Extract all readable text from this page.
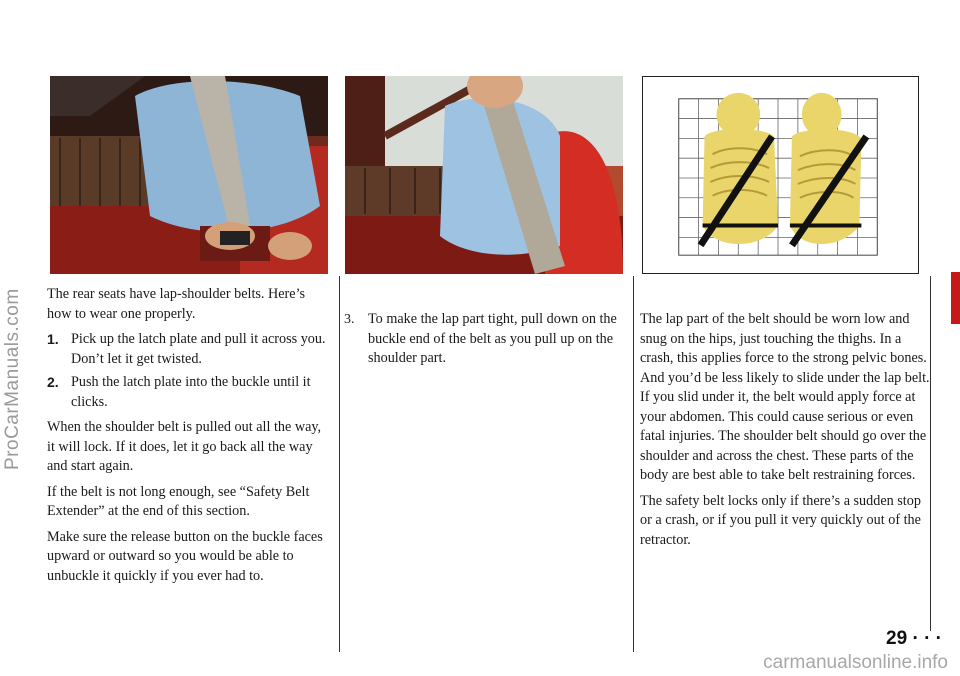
ProCarManuals.com The rear seats have lap-shoulder belts. Here’s how to wear one properly.

1. Pick up the latch plate and pull it across you. Don’t let it get twisted.
2. Push the latch plate into the buckle until it clicks.

When the shoulder belt is pulled out all the way, it will lock. If it does, let it go back all the way and start again.

If the belt is not long enough, see “Safety Belt Extender” at the end of this section.

Make sure the release button on the buckle faces upward or outward so you would be able to unbuckle it quickly if you ever had to.

3. To make the lap part tight, pull down on the buckle end of the belt as you pull up on the shoulder part.

The lap part of the belt should be worn low and snug on the hips, just touching the thighs. In a crash, this applies force to the strong pelvic bones. And you’d be less likely to slide under the lap belt. If you slid under it, the belt would apply force at your abdomen. This could cause serious or even fatal injuries. The shoulder belt should go over the shoulder and across the chest. These parts of the body are best able to take belt restraining forces.

The safety belt locks only if there’s a sudden stop or a crash, or if you pull it very quickly out of the retractor.

29 · · ·
carmanualsonline.info
